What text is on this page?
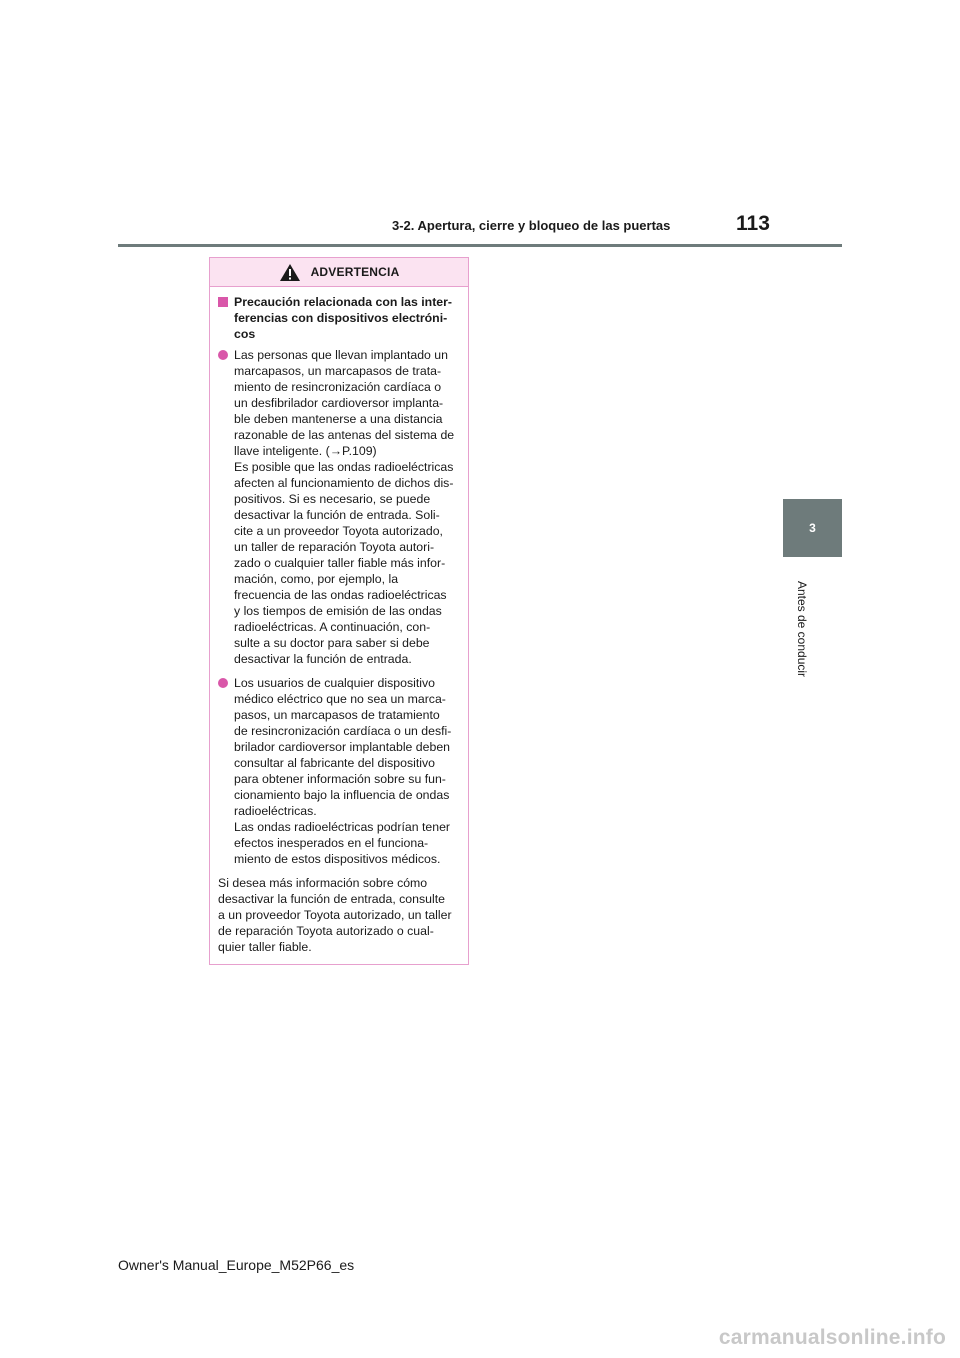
3-2. Apertura, cierre y bloqueo de las puertas	113
3
Antes de conducir
ADVERTENCIA
Precaución relacionada con las inter-
ferencias con dispositivos electróni-
cos
Las personas que llevan implantado un
marcapasos, un marcapasos de trata-
miento de resincronización cardíaca o
un desfibrilador cardioversor implanta-
ble deben mantenerse a una distancia
razonable de las antenas del sistema de
llave inteligente. (→P.109)
Es posible que las ondas radioeléctricas
afecten al funcionamiento de dichos dis-
positivos. Si es necesario, se puede
desactivar la función de entrada. Soli-
cite a un proveedor Toyota autorizado,
un taller de reparación Toyota autori-
zado o cualquier taller fiable más infor-
mación, como, por ejemplo, la
frecuencia de las ondas radioeléctricas
y los tiempos de emisión de las ondas
radioeléctricas. A continuación, con-
sulte a su doctor para saber si debe
desactivar la función de entrada.
Los usuarios de cualquier dispositivo
médico eléctrico que no sea un marca-
pasos, un marcapasos de tratamiento
de resincronización cardíaca o un desfi-
brilador cardioversor implantable deben
consultar al fabricante del dispositivo
para obtener información sobre su fun-
cionamiento bajo la influencia de ondas
radioeléctricas.
Las ondas radioeléctricas podrían tener
efectos inesperados en el funciona-
miento de estos dispositivos médicos.
Si desea más información sobre cómo
desactivar la función de entrada, consulte
a un proveedor Toyota autorizado, un taller
de reparación Toyota autorizado o cual-
quier taller fiable.
Owner's Manual_Europe_M52P66_es
carmanualsonline.info
